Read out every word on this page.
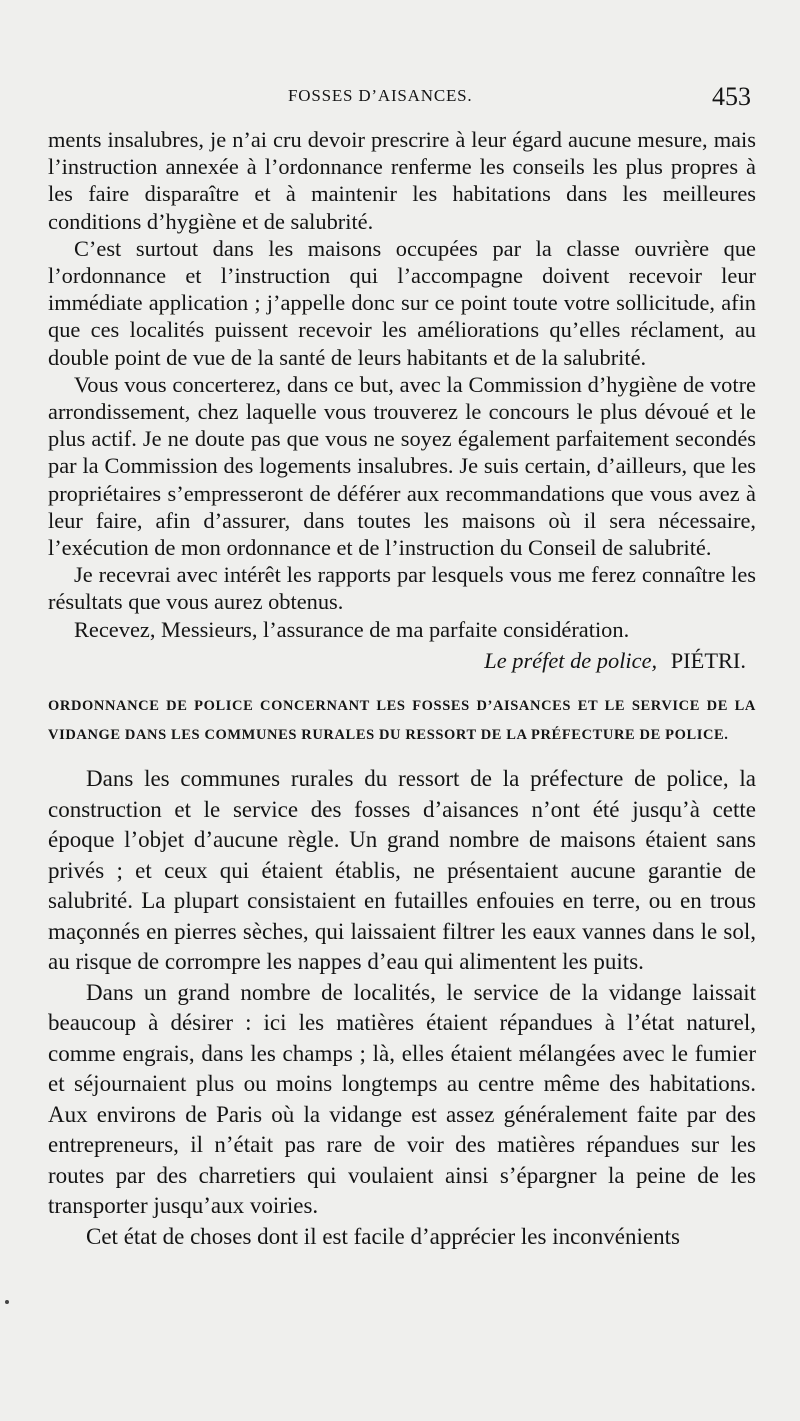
FOSSES D’AISANCES.	453

ments insalubres, je n’ai cru devoir prescrire à leur égard aucune mesure, mais l’instruction annexée à l’ordonnance renferme les conseils les plus propres à les faire disparaître et à maintenir les habitations dans les meilleures conditions d’hygiène et de salubrité.

C’est surtout dans les maisons occupées par la classe ouvrière que l’ordonnance et l’instruction qui l’accompagne doivent recevoir leur immédiate application ; j’appelle donc sur ce point toute votre sollicitude, afin que ces localités puissent recevoir les améliorations qu’elles réclament, au double point de vue de la santé de leurs habitants et de la salubrité.

Vous vous concerterez, dans ce but, avec la Commission d’hygiène de votre arrondissement, chez laquelle vous trouverez le concours le plus dévoué et le plus actif. Je ne doute pas que vous ne soyez également parfaitement secondés par la Commission des logements insalubres. Je suis certain, d’ailleurs, que les propriétaires s’empresseront de déférer aux recommandations que vous avez à leur faire, afin d’assurer, dans toutes les maisons où il sera nécessaire, l’exécution de mon ordonnance et de l’instruction du Conseil de salubrité.

Je recevrai avec intérêt les rapports par lesquels vous me ferez connaître les résultats que vous aurez obtenus.

Recevez, Messieurs, l’assurance de ma parfaite considération.

Le préfet de police, PIÉTRI.

ORDONNANCE DE POLICE CONCERNANT LES FOSSES D’AISANCES ET LE SERVICE DE LA VIDANGE DANS LES COMMUNES RURALES DU RESSORT DE LA PRÉFECTURE DE POLICE.

Dans les communes rurales du ressort de la préfecture de police, la construction et le service des fosses d’aisances n’ont été jusqu’à cette époque l’objet d’aucune règle. Un grand nombre de maisons étaient sans privés ; et ceux qui étaient établis, ne présentaient aucune garantie de salubrité. La plupart consistaient en futailles enfouies en terre, ou en trous maçonnés en pierres sèches, qui laissaient filtrer les eaux vannes dans le sol, au risque de corrompre les nappes d’eau qui alimentent les puits.

Dans un grand nombre de localités, le service de la vidange laissait beaucoup à désirer : ici les matières étaient répandues à l’état naturel, comme engrais, dans les champs ; là, elles étaient mélangées avec le fumier et séjournaient plus ou moins longtemps au centre même des habitations. Aux environs de Paris où la vidange est assez généralement faite par des entrepreneurs, il n’était pas rare de voir des matières répandues sur les routes par des charretiers qui voulaient ainsi s’épargner la peine de les transporter jusqu’aux voiries.

Cet état de choses dont il est facile d’apprécier les inconvénients
